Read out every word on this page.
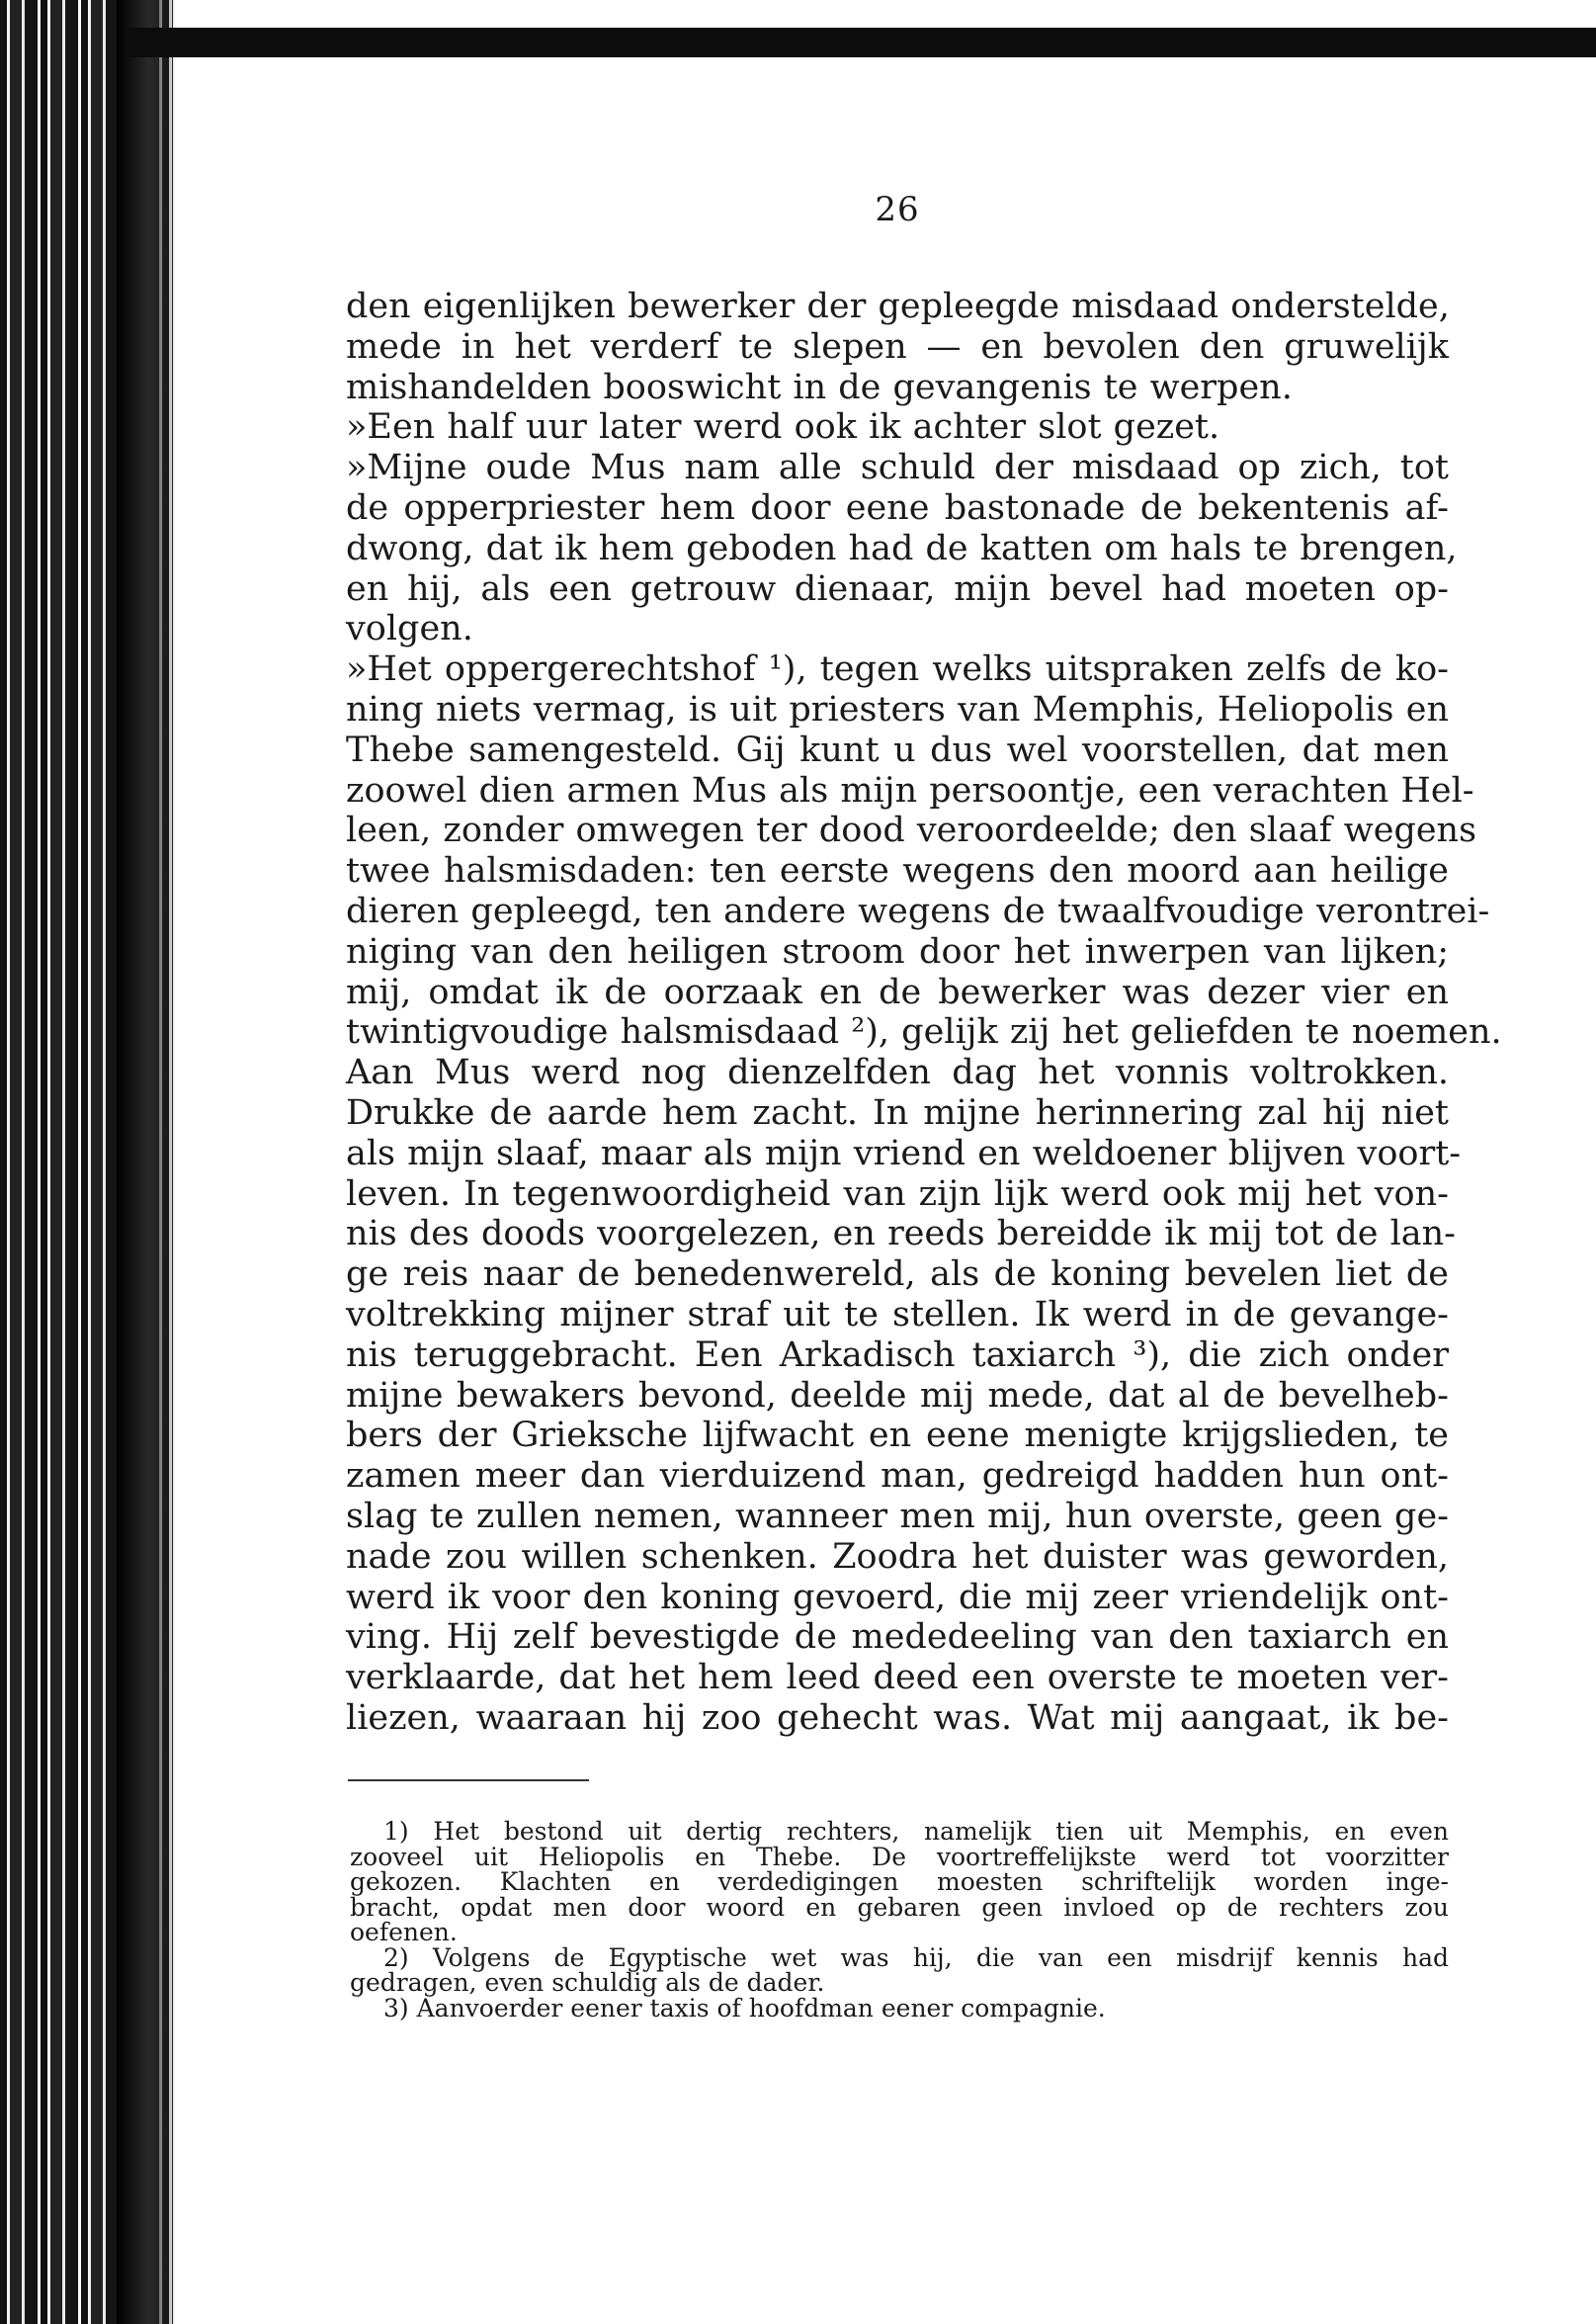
26
den eigenlijken bewerker der gepleegde misdaad onderstelde,
mede in het verderf te slepen — en bevolen den gruwelijk
mishandelden booswicht in de gevangenis te werpen.
»Een half uur later werd ook ik achter slot gezet.
»Mijne oude Mus nam alle schuld der misdaad op zich, tot
de opperpriester hem door eene bastonade de bekentenis af-
dwong, dat ik hem geboden had de katten om hals te brengen,
en hij, als een getrouw dienaar, mijn bevel had moeten op-
volgen.
»Het oppergerechtshof ¹), tegen welks uitspraken zelfs de ko-
ning niets vermag, is uit priesters van Memphis, Heliopolis en
Thebe samengesteld. Gij kunt u dus wel voorstellen, dat men
zoowel dien armen Mus als mijn persoontje, een verachten Hel-
leen, zonder omwegen ter dood veroordeelde; den slaaf wegens
twee halsmisdaden: ten eerste wegens den moord aan heilige
dieren gepleegd, ten andere wegens de twaalfvoudige verontrei-
niging van den heiligen stroom door het inwerpen van lijken;
mij, omdat ik de oorzaak en de bewerker was dezer vier en
twintigvoudige halsmisdaad ²), gelijk zij het geliefden te noemen.
Aan Mus werd nog dienzelfden dag het vonnis voltrokken.
Drukke de aarde hem zacht. In mijne herinnering zal hij niet
als mijn slaaf, maar als mijn vriend en weldoener blijven voort-
leven. In tegenwoordigheid van zijn lijk werd ook mij het von-
nis des doods voorgelezen, en reeds bereidde ik mij tot de lan-
ge reis naar de benedenwereld, als de koning bevelen liet de
voltrekking mijner straf uit te stellen. Ik werd in de gevange-
nis teruggebracht. Een Arkadisch taxiarch ³), die zich onder
mijne bewakers bevond, deelde mij mede, dat al de bevelheb-
bers der Grieksche lijfwacht en eene menigte krijgslieden, te
zamen meer dan vierduizend man, gedreigd hadden hun ont-
slag te zullen nemen, wanneer men mij, hun overste, geen ge-
nade zou willen schenken. Zoodra het duister was geworden,
werd ik voor den koning gevoerd, die mij zeer vriendelijk ont-
ving. Hij zelf bevestigde de mededeeling van den taxiarch en
verklaarde, dat het hem leed deed een overste te moeten ver-
liezen, waaraan hij zoo gehecht was. Wat mij aangaat, ik be-
1) Het bestond uit dertig rechters, namelijk tien uit Memphis, en even
zooveel uit Heliopolis en Thebe. De voortreffelijkste werd tot voorzitter
gekozen. Klachten en verdedigingen moesten schriftelijk worden inge-
bracht, opdat men door woord en gebaren geen invloed op de rechters zou
oefenen.
2) Volgens de Egyptische wet was hij, die van een misdrijf kennis had
gedragen, even schuldig als de dader.
3) Aanvoerder eener taxis of hoofdman eener compagnie.
